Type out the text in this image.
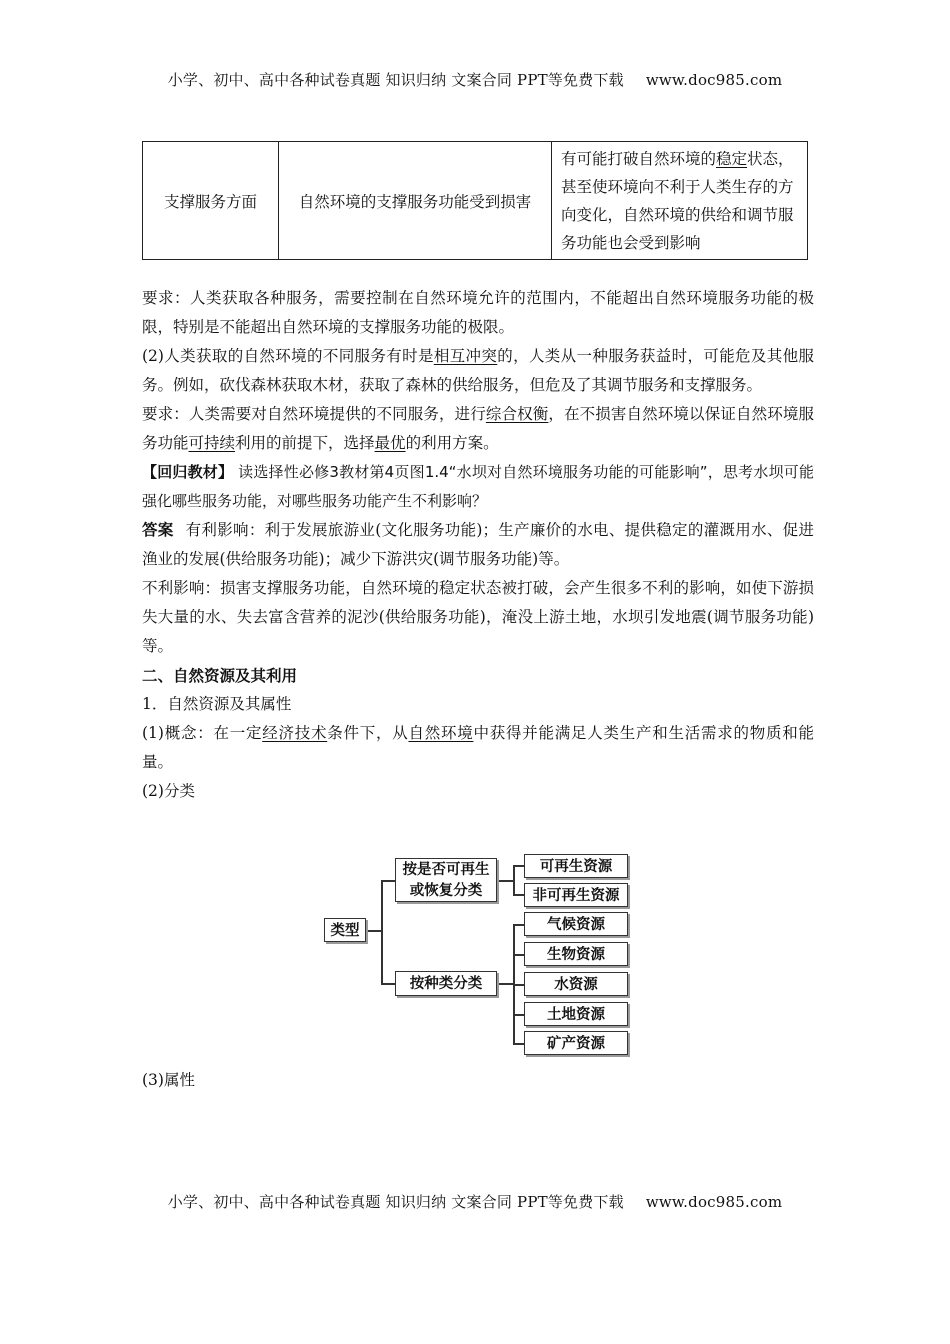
小学、初中、高中各种试卷真题 知识归纳 文案合同 PPT等免费下载 www.doc985.com
支撑服务方面	自然环境的支撑服务功能受到损害	有可能打破自然环境的稳定状态，甚至使环境向不利于人类生存的方向变化，自然环境的供给和调节服务功能也会受到影响

要求：人类获取各种服务，需要控制在自然环境允许的范围内，不能超出自然环境服务功能的极限，特别是不能超出自然环境的支撑服务功能的极限。

(2)人类获取的自然环境的不同服务有时是相互冲突的，人类从一种服务获益时，可能危及其他服务。例如，砍伐森林获取木材，获取了森林的供给服务，但危及了其调节服务和支撑服务。

要求：人类需要对自然环境提供的不同服务，进行综合权衡，在不损害自然环境以保证自然环境服务功能可持续利用的前提下，选择最优的利用方案。

【回归教材】 读选择性必修3教材第4页图1.4“水坝对自然环境服务功能的可能影响”，思考水坝可能强化哪些服务功能，对哪些服务功能产生不利影响？

答案 有利影响：利于发展旅游业(文化服务功能)；生产廉价的水电、提供稳定的灌溉用水、促进渔业的发展(供给服务功能)；减少下游洪灾(调节服务功能)等。

不利影响：损害支撑服务功能，自然环境的稳定状态被打破，会产生很多不利的影响，如使下游损失大量的水、失去富含营养的泥沙(供给服务功能)，淹没上游土地，水坝引发地震(调节服务功能)等。

二、自然资源及其利用

1．自然资源及其属性

(1)概念：在一定经济技术条件下，从自然环境中获得并能满足人类生产和生活需求的物质和能量。

(2)分类

类型
按是否可再生或恢复分类
按种类分类
可再生资源
非可再生资源
气候资源
生物资源
水资源
土地资源
矿产资源
(3)属性
小学、初中、高中各种试卷真题 知识归纳 文案合同 PPT等免费下载 www.doc985.com
